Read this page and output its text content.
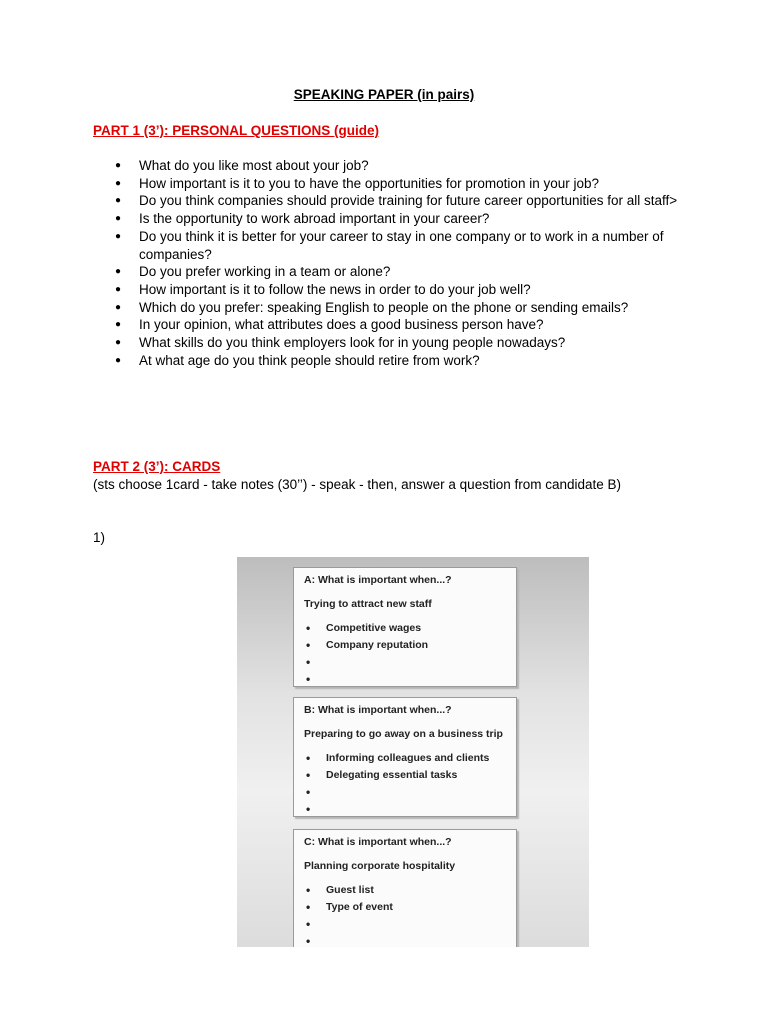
SPEAKING PAPER (in pairs)
PART 1 (3’): PERSONAL QUESTIONS (guide)
● What do you like most about your job?
● How important is it to you to have the opportunities for promotion in your job?
● Do you think companies should provide training for future career opportunities for all staff>
● Is the opportunity to work abroad important in your career?
● Do you think it is better for your career to stay in one company or to work in a number of companies?
● Do you prefer working in a team or alone?
● How important is it to follow the news in order to do your job well?
● Which do you prefer: speaking English to people on the phone or sending emails?
● In your opinion, what attributes does a good business person have?
● What skills do you think employers look for in young people nowadays?
● At what age do you think people should retire from work?
PART 2 (3’): CARDS
(sts choose 1card - take notes (30’’) - speak - then, answer a question from candidate B)
1)
A: What is important when...?
Trying to attract new staff
• Competitive wages
• Company reputation
•
•
B: What is important when...?
Preparing to go away on a business trip
• Informing colleagues and clients
• Delegating essential tasks
•
•
C: What is important when...?
Planning corporate hospitality
• Guest list
• Type of event
•
•
